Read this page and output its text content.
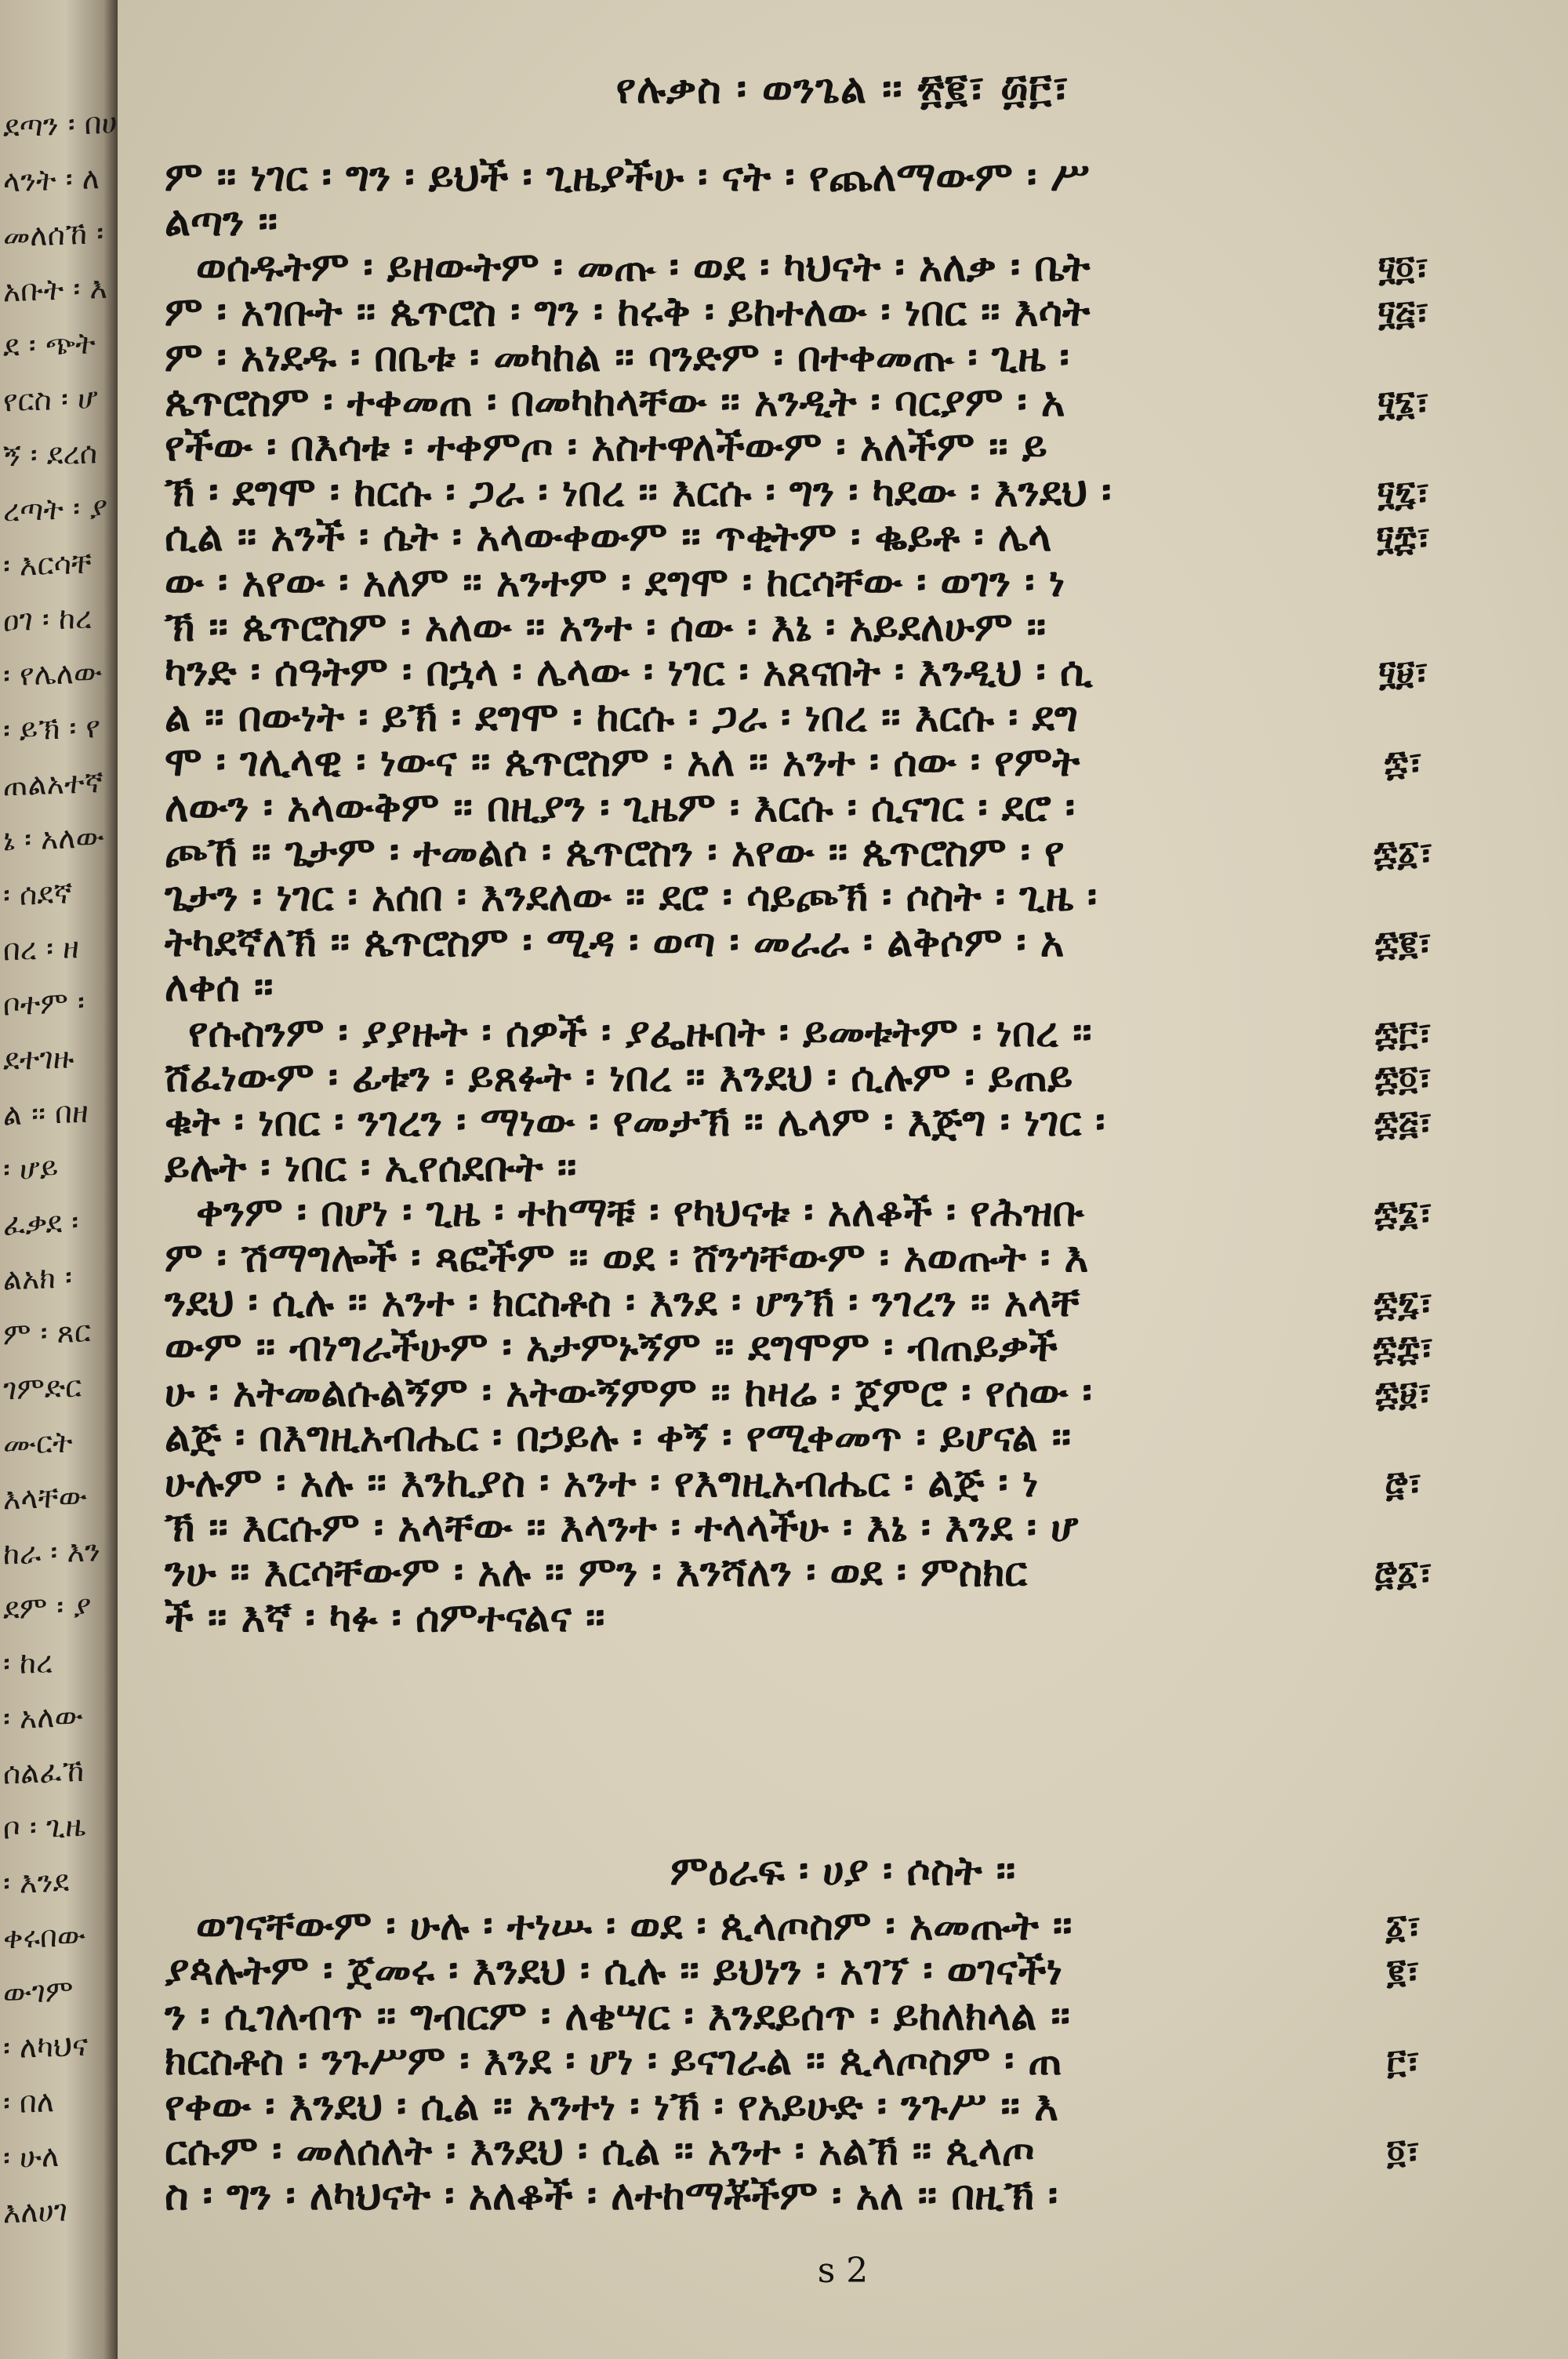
ደጣን ፡ በሀ
ላንት ፡ ለ
መለሰኸ ፡
አቡት ፡ እ
ደ ፡ ጭት
የርስ ፡ ሆ
ኝ ፡ ደረሰ
ረጣት ፡ ያ
፡ እርሳቸ
ዐገ ፡ ከረ
፡ የሌለው
፡ ይኽ ፡ የ
ጠልአተኛ
ኔ ፡ አለው
፡ ሰደኛ
በረ ፡ ዘ
ቦተም ፡
ደተገዙ
ል ፡፡ በዘ
፡ ሆይ
ፈቃደ ፡
ልአክ ፡
ም ፡ ጸር
ገምድር
ሙርት
እላቸው
ከራ ፡ እን
ደም ፡ ያ
፡ ከረ
፡ አለው
ሰልፈኸ
ቦ ፡ ጊዜ
፡ እንደ
ቀሩበው
ውገም
፡ ለካህና
፡ በለ
፡ ሁለ
እለሀገ
የሉቃስ ፡ ወንጌል ፡፡ ፳፪፣ ፴፫፣
ምዕራፍ ፡ ሀያ ፡ ሶስት ፡፡
s 2
ም ፡፡ ነገር ፡ ግን ፡ ይህች ፡ ጊዜያችሁ ፡ ናት ፡ የጨለማውም ፡ ሥ
ልጣን ፡፡
ወሰዱትም ፡ ይዘውትም ፡ መጡ ፡ ወደ ፡ ካህናት ፡ አለቃ ፡ ቤት
ም ፡ አገቡት ፡፡ ጴጥሮስ ፡ ግን ፡ ከሩቅ ፡ ይከተለው ፡ ነበር ፡፡ እሳት
ም ፡ አነደዱ ፡ በቤቱ ፡ መካከል ፡፡ ባንድም ፡ በተቀመጡ ፡ ጊዜ ፡
ጴጥሮስም ፡ ተቀመጠ ፡ በመካከላቸው ፡፡ አንዲት ፡ ባርያም ፡ አ
የችው ፡ በእሳቱ ፡ ተቀምጦ ፡ አስተዋለችውም ፡ አለችም ፡፡ ይ
ኽ ፡ ደግሞ ፡ ከርሱ ፡ ጋራ ፡ ነበረ ፡፡ እርሱ ፡ ግን ፡ ካደው ፡ እንደህ ፡
ሲል ፡፡ አንች ፡ ሴት ፡ አላውቀውም ፡፡ ጥቂትም ፡ ቈይቶ ፡ ሌላ
ው ፡ አየው ፡ አለም ፡፡ አንተም ፡ ደግሞ ፡ ከርሳቸው ፡ ወገን ፡ ነ
ኽ ፡፡ ጴጥሮስም ፡ አለው ፡፡ አንተ ፡ ሰው ፡ እኔ ፡ አይደለሁም ፡፡
ካንድ ፡ ሰዓትም ፡ በኋላ ፡ ሌላው ፡ ነገር ፡ አጸናበት ፡ እንዲህ ፡ ሲ
ል ፡፡ በውነት ፡ ይኽ ፡ ደግሞ ፡ ከርሱ ፡ ጋራ ፡ ነበረ ፡፡ እርሱ ፡ ደግ
ሞ ፡ ገሊላዊ ፡ ነውና ፡፡ ጴጥሮስም ፡ አለ ፡፡ አንተ ፡ ሰው ፡ የምት
ለውን ፡ አላውቅም ፡፡ በዚያን ፡ ጊዜም ፡ እርሱ ፡ ሲናገር ፡ ደሮ ፡
ጮኸ ፡፡ ጌታም ፡ ተመልሶ ፡ ጴጥሮስን ፡ አየው ፡፡ ጴጥሮስም ፡ የ
ጌታን ፡ ነገር ፡ አሰበ ፡ እንደለው ፡፡ ደሮ ፡ ሳይጮኽ ፡ ሶስት ፡ ጊዜ ፡
ትካደኛለኽ ፡፡ ጴጥሮስም ፡ ሚዳ ፡ ወጣ ፡ መራራ ፡ ልቅሶም ፡ አ
ለቀሰ ፡፡
የሱስንም ፡ ያያዙት ፡ ሰዎች ፡ ያፌዙበት ፡ ይመቱትም ፡ ነበረ ፡፡
ሸፈነውም ፡ ፊቱን ፡ ይጸፉት ፡ ነበረ ፡፡ እንደህ ፡ ሲሉም ፡ ይጠይ
ቁት ፡ ነበር ፡ ንገረን ፡ ማነው ፡ የመታኽ ፡፡ ሌላም ፡ እጅግ ፡ ነገር ፡
ይሉት ፡ ነበር ፡ ኢየሰደቡት ፡፡
ቀንም ፡ በሆነ ፡ ጊዜ ፡ ተከማቹ ፡ የካህናቱ ፡ አለቆች ፡ የሕዝቡ
ም ፡ ሽማግሎች ፡ ጻፎችም ፡፡ ወደ ፡ ሸንጎቸውም ፡ አወጡት ፡ እ
ንደህ ፡ ሲሉ ፡፡ አንተ ፡ ክርስቶስ ፡ እንደ ፡ ሆንኽ ፡ ንገረን ፡፡ አላቸ
ውም ፡፡ ብነግራችሁም ፡ አታምኑኝም ፡፡ ደግሞም ፡ ብጠይቃች
ሁ ፡ አትመልሱልኝም ፡ አትውኝምም ፡፡ ከዛሬ ፡ ጀምሮ ፡ የሰው ፡
ልጅ ፡ በእግዚአብሔር ፡ በኃይሉ ፡ ቀኝ ፡ የሚቀመጥ ፡ ይሆናል ፡፡
ሁሉም ፡ አሉ ፡፡ እንኪያስ ፡ አንተ ፡ የእግዚአብሔር ፡ ልጅ ፡ ነ
ኽ ፡፡ እርሱም ፡ አላቸው ፡፡ እላንተ ፡ ተላላችሁ ፡ እኔ ፡ እንደ ፡ ሆ
ንሁ ፡፡ እርሳቸውም ፡ አሉ ፡፡ ምን ፡ እንሻለን ፡ ወደ ፡ ምስክር
ች ፡፡ እኛ ፡ ካፉ ፡ ሰምተናልና ፡፡
፶፬፣
፶፭፣
፶፮፣
፶፯፣
፶፰፣
፶፱፣
፷፣
፷፩፣
፷፪፣
፷፫፣
፷፬፣
፷፭፣
፷፮፣
፷፯፣
፷፰፣
፷፱፣
፸፣
፸፩፣
ወገናቸውም ፡ ሁሉ ፡ ተነሡ ፡ ወደ ፡ ጲላጦስም ፡ አመጡት ፡፡
ያጳሉትም ፡ ጀመሩ ፡ እንደህ ፡ ሲሉ ፡፡ ይህነን ፡ አገኘ ፡ ወገናችነ
ን ፡ ሲገለብጥ ፡፡ ግብርም ፡ ለቄሣር ፡ እንደይሰጥ ፡ ይከለክላል ፡፡
ክርስቶስ ፡ ንጉሥም ፡ እንደ ፡ ሆነ ፡ ይናገራል ፡፡ ጲላጦስም ፡ ጠ
የቀው ፡ እንደህ ፡ ሲል ፡፡ አንተነ ፡ ነኽ ፡ የአይሁድ ፡ ንጉሥ ፡፡ እ
ርሱም ፡ መለሰለት ፡ እንደህ ፡ ሲል ፡፡ አንተ ፡ አልኽ ፡፡ ጲላጦ
ስ ፡ ግን ፡ ለካህናት ፡ አለቆች ፡ ለተከማቾችም ፡ አለ ፡፡ በዚኽ ፡
፩፣
፪፣
፫፣
፬፣
